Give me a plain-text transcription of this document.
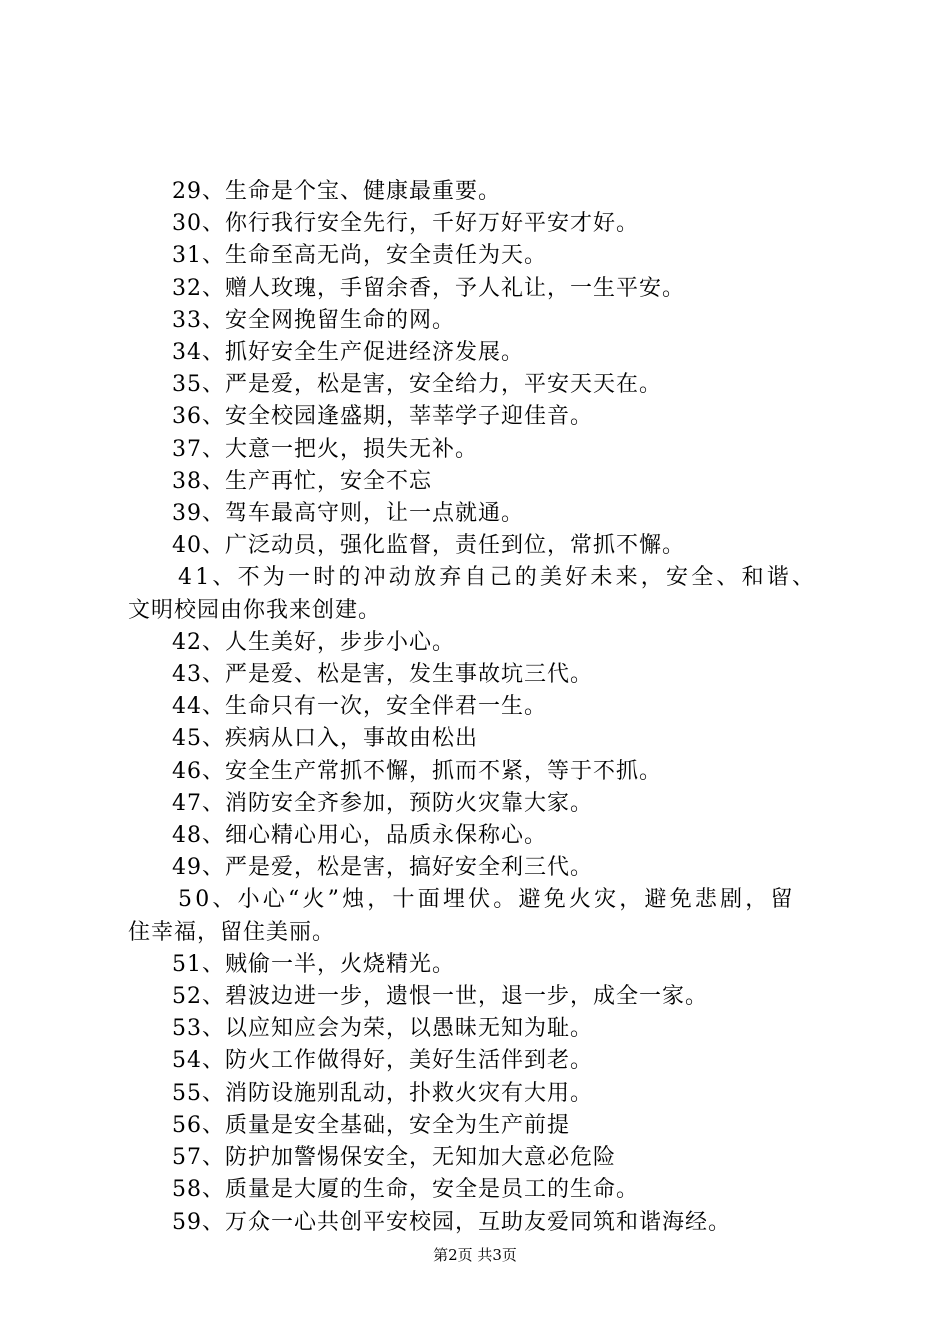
29、生命是个宝、健康最重要。
30、你行我行安全先行，千好万好平安才好。
31、生命至高无尚，安全责任为天。
32、赠人玫瑰，手留余香，予人礼让，一生平安。
33、安全网挽留生命的网。
34、抓好安全生产促进经济发展。
35、严是爱，松是害，安全给力，平安天天在。
36、安全校园逢盛期，莘莘学子迎佳音。
37、大意一把火，损失无补。
38、生产再忙，安全不忘
39、驾车最高守则，让一点就通。
40、广泛动员，强化监督，责任到位，常抓不懈。
41、不为一时的冲动放弃自己的美好未来，安全、和谐、
文明校园由你我来创建。
42、人生美好，步步小心。
43、严是爱、松是害，发生事故坑三代。
44、生命只有一次，安全伴君一生。
45、疾病从口入，事故由松出
46、安全生产常抓不懈，抓而不紧，等于不抓。
47、消防安全齐参加，预防火灾靠大家。
48、细心精心用心，品质永保称心。
49、严是爱，松是害，搞好安全利三代。
50、小心“火”烛，十面埋伏。避免火灾，避免悲剧，留
住幸福，留住美丽。
51、贼偷一半，火烧精光。
52、碧波边进一步，遗恨一世，退一步，成全一家。
53、以应知应会为荣，以愚昧无知为耻。
54、防火工作做得好，美好生活伴到老。
55、消防设施别乱动，扑救火灾有大用。
56、质量是安全基础，安全为生产前提
57、防护加警惕保安全，无知加大意必危险
58、质量是大厦的生命，安全是员工的生命。
59、万众一心共创平安校园，互助友爱同筑和谐海经。
第2页 共3页
